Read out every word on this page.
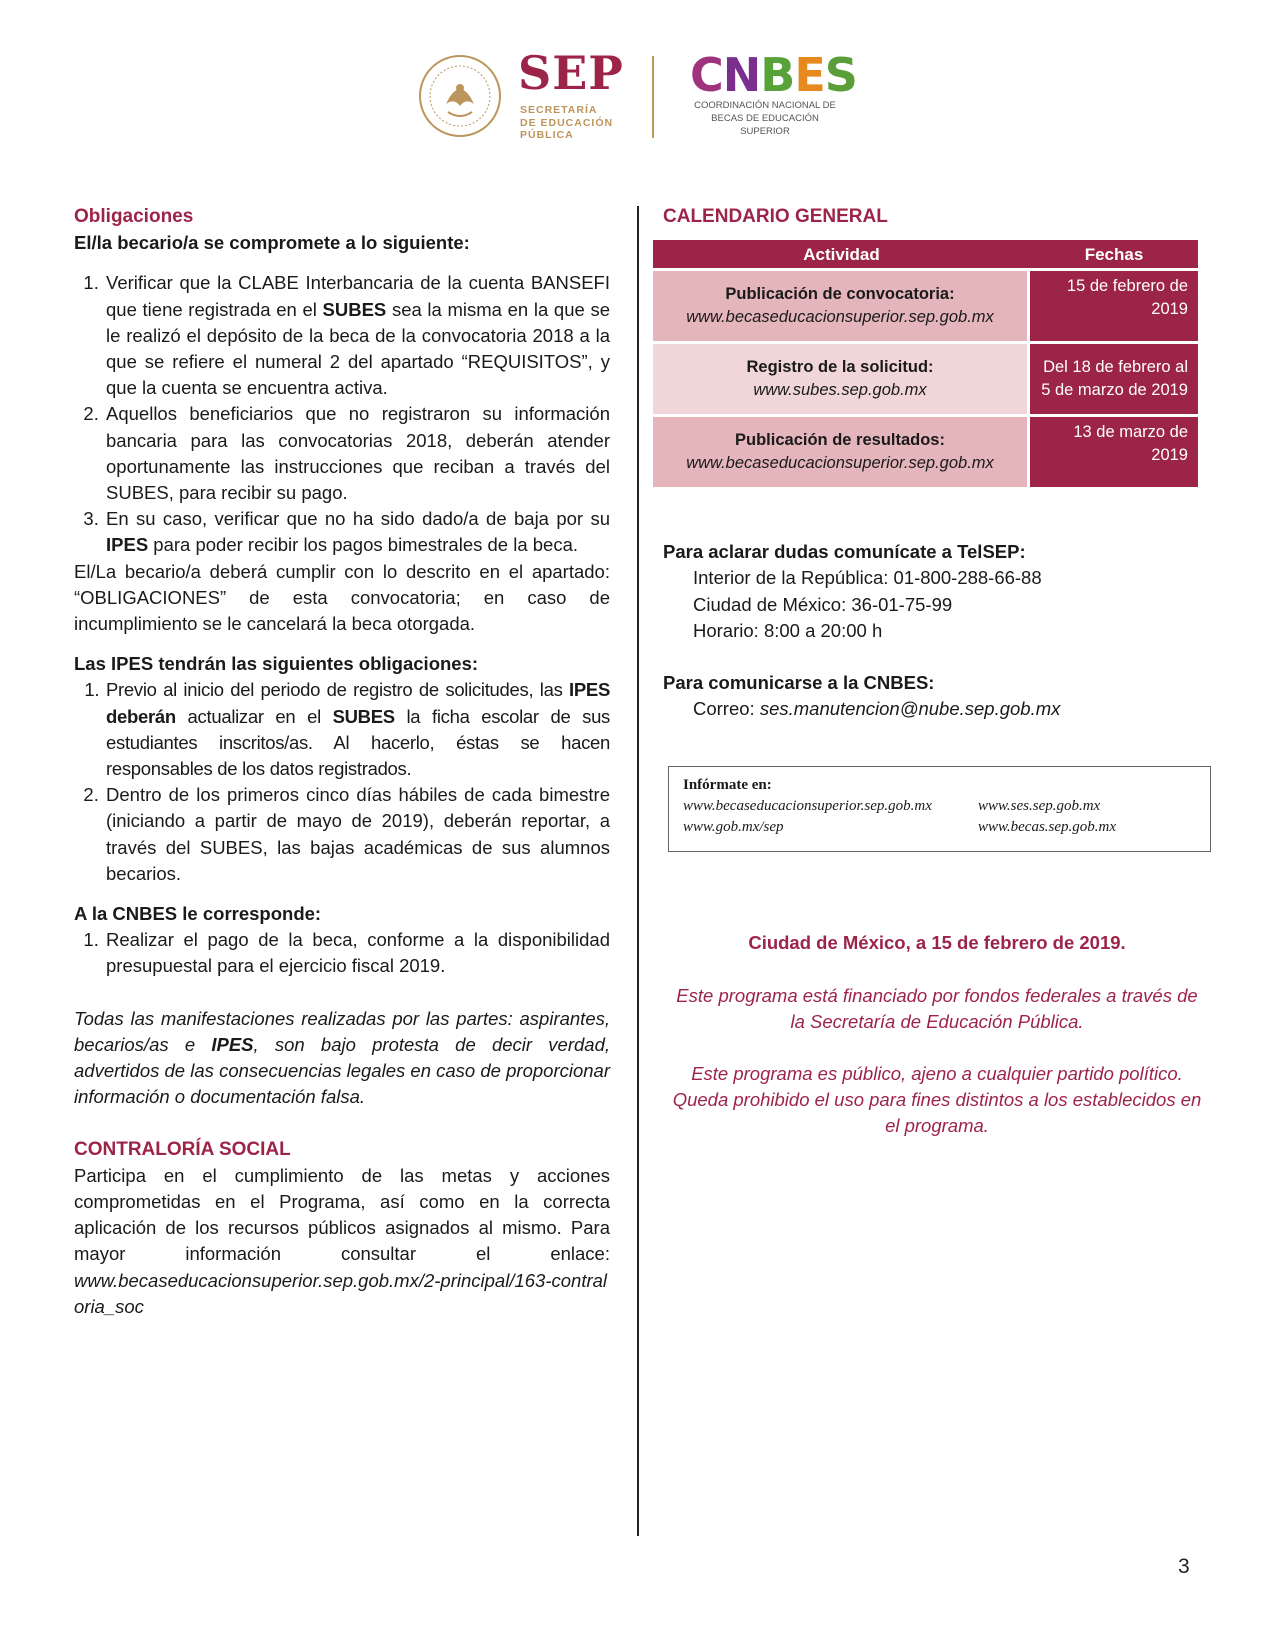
SEP
SECRETARÍA
DE EDUCACIÓN
PÚBLICA
CNBES
COORDINACIÓN NACIONAL DE
BECAS DE EDUCACIÓN SUPERIOR
Obligaciones
El/la becario/a se compromete a lo siguiente:
1. Verificar que la CLABE Interbancaria de la cuenta BANSEFI que tiene registrada en el SUBES sea la misma en la que se le realizó el depósito de la beca de la convocatoria 2018 a la que se refiere el numeral 2 del apartado “REQUISITOS”, y que la cuenta se encuentra activa.
2. Aquellos beneficiarios que no registraron su información bancaria para las convocatorias 2018, deberán atender oportunamente las instrucciones que reciban a través del SUBES, para recibir su pago.
3. En su caso, verificar que no ha sido dado/a de baja por su IPES para poder recibir los pagos bimestrales de la beca.
El/La becario/a deberá cumplir con lo descrito en el apartado: “OBLIGACIONES” de esta convocatoria; en caso de incumplimiento se le cancelará la beca otorgada.
Las IPES tendrán las siguientes obligaciones:
1. Previo al inicio del periodo de registro de solicitudes, las IPES deberán actualizar en el SUBES la ficha escolar de sus estudiantes inscritos/as. Al hacerlo, éstas se hacen responsables de los datos registrados.
2. Dentro de los primeros cinco días hábiles de cada bimestre (iniciando a partir de mayo de 2019), deberán reportar, a través del SUBES, las bajas académicas de sus alumnos becarios.
A la CNBES le corresponde:
1. Realizar el pago de la beca, conforme a la disponibilidad presupuestal para el ejercicio fiscal 2019.
Todas las manifestaciones realizadas por las partes: aspirantes, becarios/as e IPES, son bajo protesta de decir verdad, advertidos de las consecuencias legales en caso de proporcionar información o documentación falsa.
CONTRALORÍA SOCIAL
Participa en el cumplimiento de las metas y acciones comprometidas en el Programa, así como en la correcta aplicación de los recursos públicos asignados al mismo. Para mayor información consultar el enlace:
www.becaseducacionsuperior.sep.gob.mx/2-principal/163-contraloria_soc
CALENDARIO GENERAL
Actividad	Fechas

Publicación de convocatoria:
www.becaseducacionsuperior.sep.gob.mx	15 de febrero de 2019

Registro de la solicitud:
www.subes.sep.gob.mx	Del 18 de febrero al 5 de marzo de 2019

Publicación de resultados:
www.becaseducacionsuperior.sep.gob.mx	13 de marzo de 2019
Para aclarar dudas comunícate a TelSEP:
Interior de la República: 01-800-288-66-88
Ciudad de México: 36-01-75-99
Horario: 8:00 a 20:00 h
Para comunicarse a la CNBES:
Correo: ses.manutencion@nube.sep.gob.mx
Infórmate en:
www.becaseducacionsuperior.sep.gob.mx	www.ses.sep.gob.mx
www.gob.mx/sep	www.becas.sep.gob.mx
Ciudad de México, a 15 de febrero de 2019.
Este programa está financiado por fondos federales a través de la Secretaría de Educación Pública.
Este programa es público, ajeno a cualquier partido político. Queda prohibido el uso para fines distintos a los establecidos en el programa.
3
